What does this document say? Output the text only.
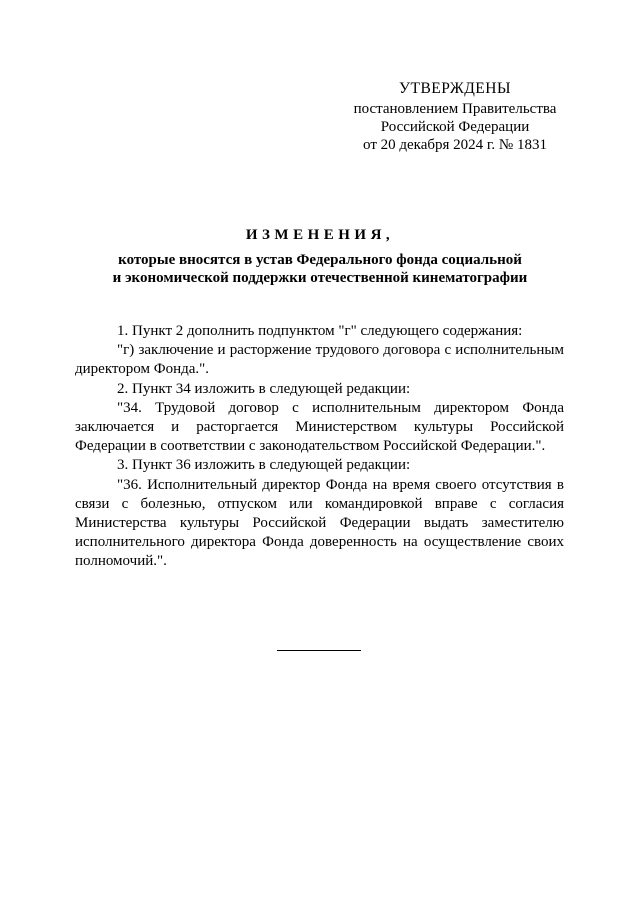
УТВЕРЖДЕНЫ
постановлением Правительства
Российской Федерации
от 20 декабря 2024 г. № 1831
ИЗМЕНЕНИЯ,
которые вносятся в устав Федерального фонда социальной
и экономической поддержки отечественной кинематографии

1. Пункт 2 дополнить подпунктом "г" следующего содержания:

"г) заключение и расторжение трудового договора с исполнительным директором Фонда.".

2. Пункт 34 изложить в следующей редакции:

"34. Трудовой договор с исполнительным директором Фонда заключается и расторгается Министерством культуры Российской Федерации в соответствии с законодательством Российской Федерации.".

3. Пункт 36 изложить в следующей редакции:

"36. Исполнительный директор Фонда на время своего отсутствия в связи с болезнью, отпуском или командировкой вправе с согласия Министерства культуры Российской Федерации выдать заместителю исполнительного директора Фонда доверенность на осуществление своих полномочий.".
